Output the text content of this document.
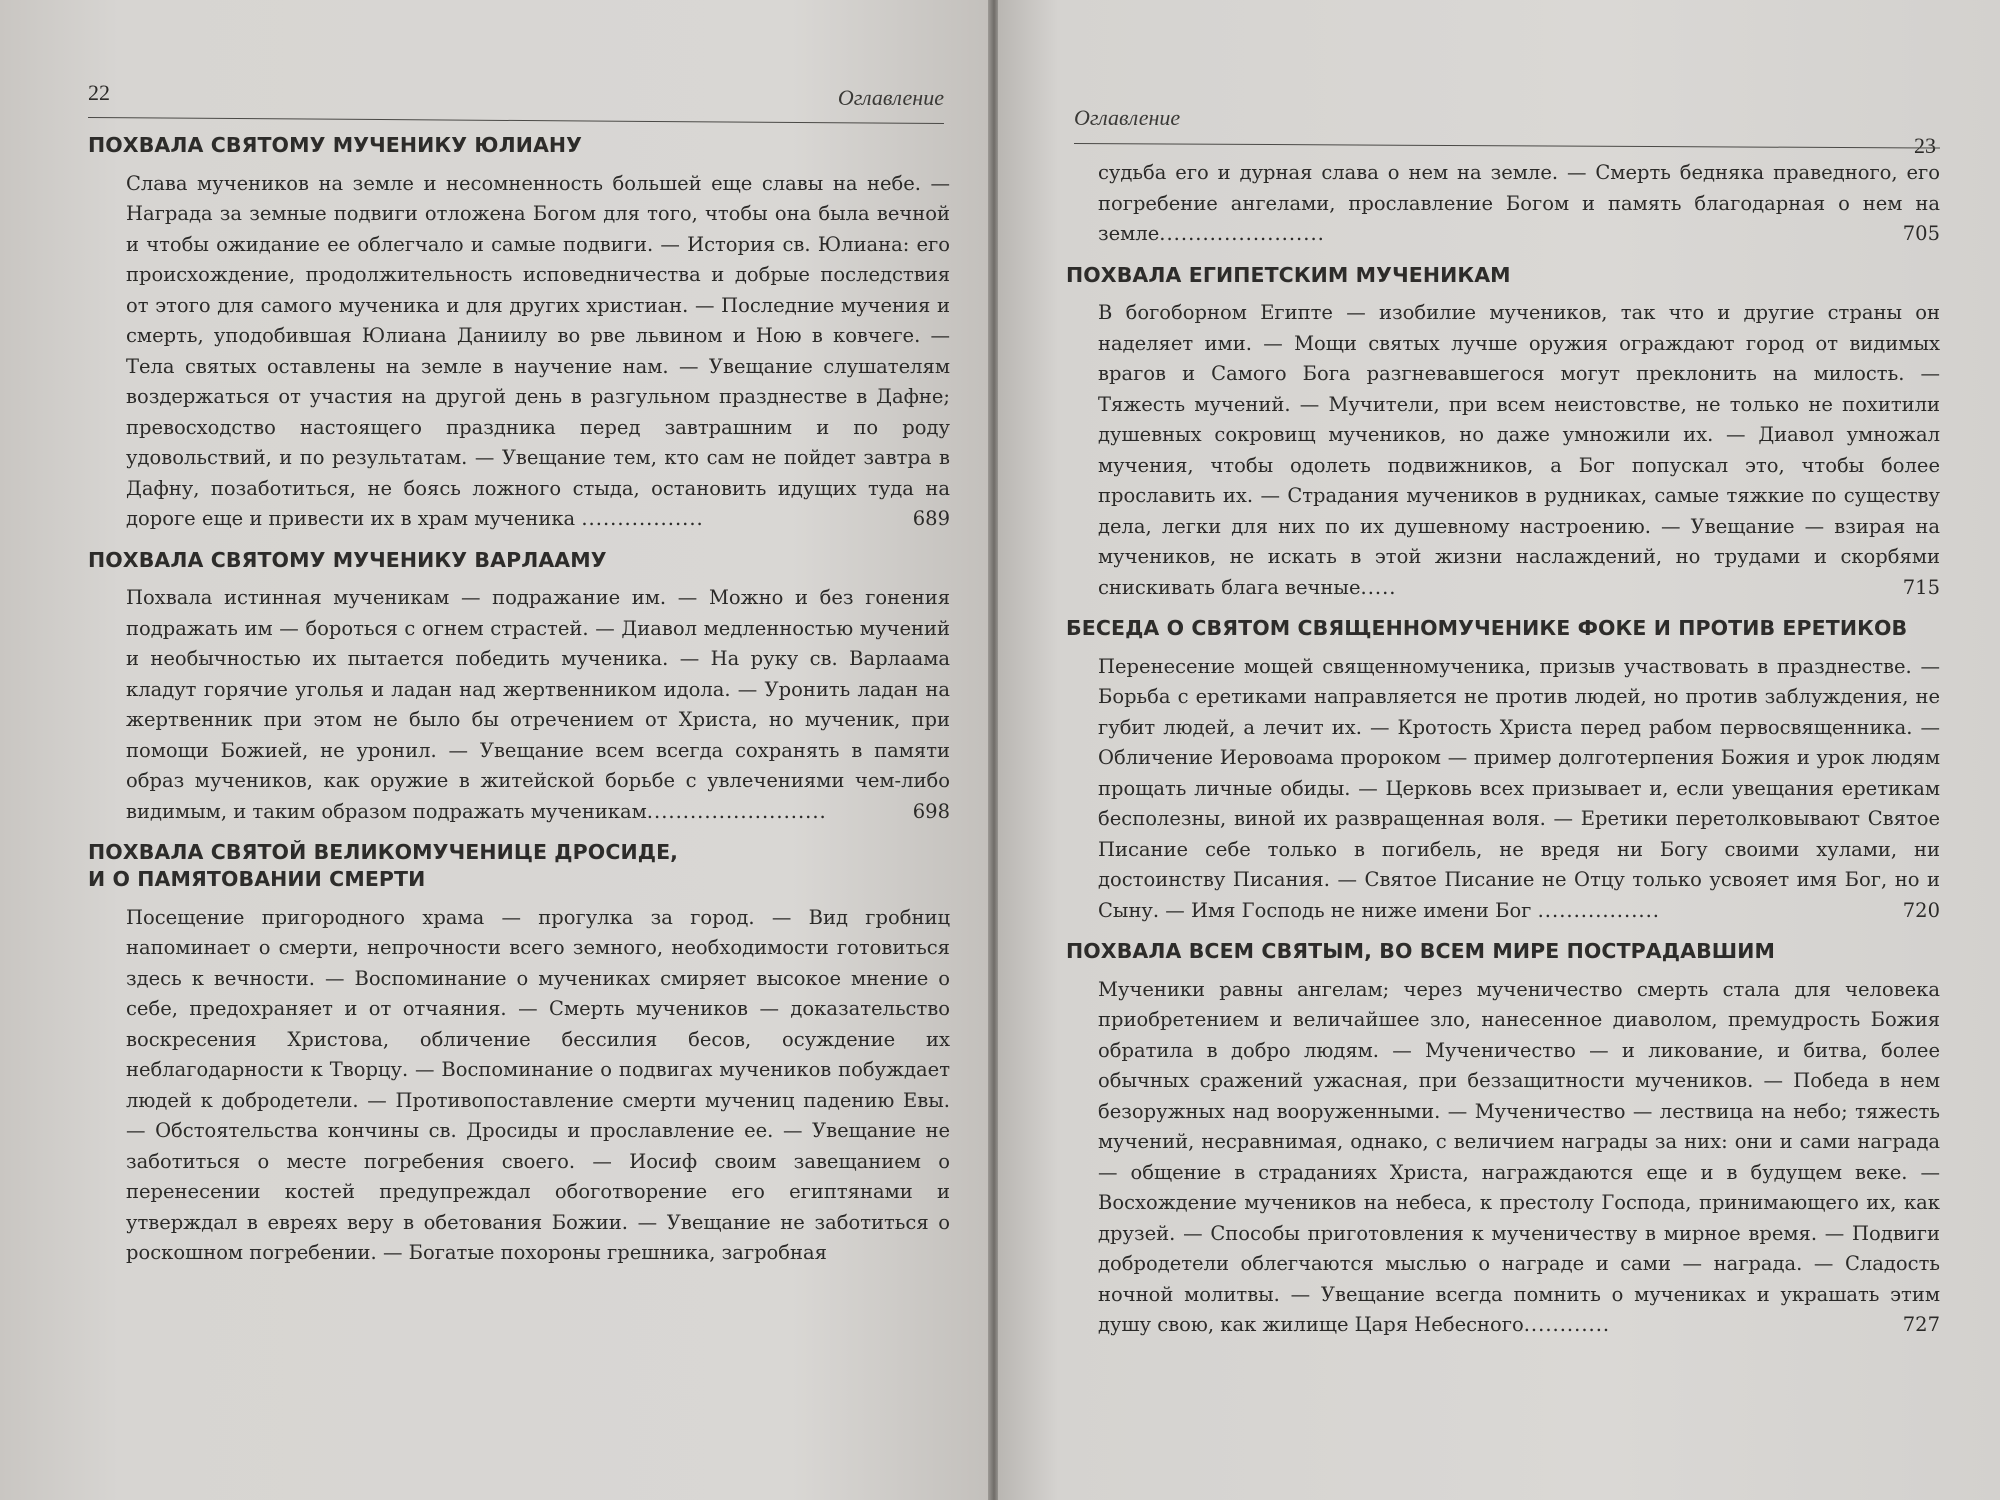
22	Оглавление
ПОХВАЛА СВЯТОМУ МУЧЕНИКУ ЮЛИАНУ

Слава мучеников на земле и несомненность большей еще славы на небе. — Награда за земные подвиги отложена Богом для того, чтобы она была вечной и чтобы ожидание ее облегчало и самые подвиги. — История св. Юлиана: его происхождение, продолжительность исповедничества и добрые последствия от этого для самого мученика и для других христиан. — Последние мучения и смерть, уподобившая Юлиана Даниилу во рве львином и Ною в ковчеге. — Тела святых оставлены на земле в научение нам. — Увещание слушателям воздержаться от участия на другой день в разгульном празднестве в Дафне; превосходство настоящего праздника перед завтрашним и по роду удовольствий, и по результатам. — Увещание тем, кто сам не пойдет завтра в Дафну, позаботиться, не боясь ложного стыда, остановить идущих туда на дороге еще и привести их в храм мученика .................	689

ПОХВАЛА СВЯТОМУ МУЧЕНИКУ ВАРЛААМУ

Похвала истинная мученикам — подражание им. — Можно и без гонения подражать им — бороться с огнем страстей. — Диавол медленностью мучений и необычностью их пытается победить мученика. — На руку св. Варлаама кладут горячие уголья и ладан над жертвенником идола. — Уронить ладан на жертвенник при этом не было бы отречением от Христа, но мученик, при помощи Божией, не уронил. — Увещание всем всегда сохранять в памяти образ мучеников, как оружие в житейской борьбе с увлечениями чем-либо видимым, и таким образом подражать мученикам.........................	698

ПОХВАЛА СВЯТОЙ ВЕЛИКОМУЧЕНИЦЕ ДРОСИДЕ,
И О ПАМЯТОВАНИИ СМЕРТИ

Посещение пригородного храма — прогулка за город. — Вид гробниц напоминает о смерти, непрочности всего земного, необходимости готовиться здесь к вечности. — Воспоминание о мучениках смиряет высокое мнение о себе, предохраняет и от отчаяния. — Смерть мучеников — доказательство воскресения Христова, обличение бессилия бесов, осуждение их неблагодарности к Творцу. — Воспоминание о подвигах мучеников побуждает людей к добродетели. — Противопоставление смерти мучениц падению Евы. — Обстоятельства кончины св. Дросиды и прославление ее. — Увещание не заботиться о месте погребения своего. — Иосиф своим завещанием о перенесении костей предупреждал обоготворение его египтянами и утверждал в евреях веру в обетования Божии. — Увещание не заботиться о роскошном погребении. — Богатые похороны грешника, загробная

Оглавление
23

судьба его и дурная слава о нем на земле. — Смерть бедняка праведного, его погребение ангелами, прославление Богом и память благодарная о нем на земле.......................	705

ПОХВАЛА ЕГИПЕТСКИМ МУЧЕНИКАМ

В богоборном Египте — изобилие мучеников, так что и другие страны он наделяет ими. — Мощи святых лучше оружия ограждают город от видимых врагов и Самого Бога разгневавшегося могут преклонить на милость. — Тяжесть мучений. — Мучители, при всем неистовстве, не только не похитили душевных сокровищ мучеников, но даже умножили их. — Диавол умножал мучения, чтобы одолеть подвижников, а Бог попускал это, чтобы более прославить их. — Страдания мучеников в рудниках, самые тяжкие по существу дела, легки для них по их душевному настроению. — Увещание — взирая на мучеников, не искать в этой жизни наслаждений, но трудами и скорбями снискивать блага вечные.....	715

БЕСЕДА О СВЯТОМ СВЯЩЕННОМУЧЕНИКЕ ФОКЕ И ПРОТИВ ЕРЕТИКОВ

Перенесение мощей священномученика, призыв участвовать в празднестве. — Борьба с еретиками направляется не против людей, но против заблуждения, не губит людей, а лечит их. — Кротость Христа перед рабом первосвященника. — Обличение Иеровоама пророком — пример долготерпения Божия и урок людям прощать личные обиды. — Церковь всех призывает и, если увещания еретикам бесполезны, виной их развращенная воля. — Еретики перетолковывают Святое Писание себе только в погибель, не вредя ни Богу своими хулами, ни достоинству Писания. — Святое Писание не Отцу только усвояет имя Бог, но и Сыну. — Имя Господь не ниже имени Бог .................	720

ПОХВАЛА ВСЕМ СВЯТЫМ, ВО ВСЕМ МИРЕ ПОСТРАДАВШИМ

Мученики равны ангелам; через мученичество смерть стала для человека приобретением и величайшее зло, нанесенное диаволом, премудрость Божия обратила в добро людям. — Мученичество — и ликование, и битва, более обычных сражений ужасная, при беззащитности мучеников. — Победа в нем безоружных над вооруженными. — Мученичество — лествица на небо; тяжесть мучений, несравнимая, однако, с величием награды за них: они и сами награда — общение в страданиях Христа, награждаются еще и в будущем веке. — Восхождение мучеников на небеса, к престолу Господа, принимающего их, как друзей. — Способы приготовления к мученичеству в мирное время. — Подвиги добродетели облегчаются мыслью о награде и сами — награда. — Сладость ночной молитвы. — Увещание всегда помнить о мучениках и украшать этим душу свою, как жилище Царя Небесного............	727
